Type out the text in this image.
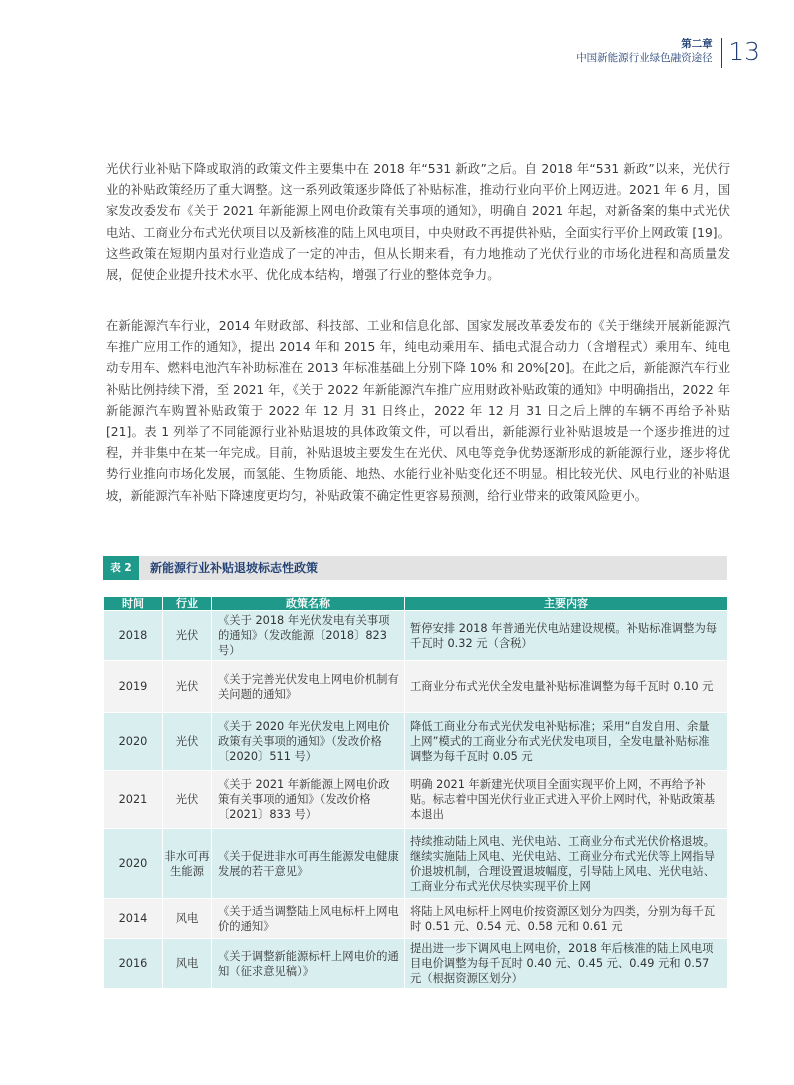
第二章
中国新能源行业绿色融资途径 13

光伏行业补贴下降或取消的政策文件主要集中在 2018 年“531 新政”之后。自 2018 年“531 新政”以来，光伏行业的补贴政策经历了重大调整。这一系列政策逐步降低了补贴标准，推动行业向平价上网迈进。2021 年 6 月，国家发改委发布《关于 2021 年新能源上网电价政策有关事项的通知》，明确自 2021 年起，对新备案的集中式光伏电站、工商业分布式光伏项目以及新核准的陆上风电项目，中央财政不再提供补贴，全面实行平价上网政策 [19]。这些政策在短期内虽对行业造成了一定的冲击，但从长期来看，有力地推动了光伏行业的市场化进程和高质量发展，促使企业提升技术水平、优化成本结构，增强了行业的整体竞争力。

在新能源汽车行业，2014 年财政部、科技部、工业和信息化部、国家发展改革委发布的《关于继续开展新能源汽车推广应用工作的通知》，提出 2014 年和 2015 年，纯电动乘用车、插电式混合动力（含增程式）乘用车、纯电动专用车、燃料电池汽车补助标准在 2013 年标准基础上分别下降 10% 和 20%[20]。在此之后，新能源汽车行业补贴比例持续下滑，至 2021 年，《关于 2022 年新能源汽车推广应用财政补贴政策的通知》中明确指出，2022 年新能源汽车购置补贴政策于 2022 年 12 月 31 日终止，2022 年 12 月 31 日之后上牌的车辆不再给予补贴 [21]。表 1 列举了不同能源行业补贴退坡的具体政策文件，可以看出，新能源行业补贴退坡是一个逐步推进的过程，并非集中在某一年完成。目前，补贴退坡主要发生在光伏、风电等竞争优势逐渐形成的新能源行业，逐步将优势行业推向市场化发展，而氢能、生物质能、地热、水能行业补贴变化还不明显。相比较光伏、风电行业的补贴退坡，新能源汽车补贴下降速度更均匀，补贴政策不确定性更容易预测，给行业带来的政策风险更小。

表 2	新能源行业补贴退坡标志性政策
时间	行业	政策名称	主要内容
2018	光伏	《关于 2018 年光伏发电有关事项的通知》（发改能源〔2018〕823 号）	暂停安排 2018 年普通光伏电站建设规模。补贴标准调整为每千瓦时 0.32 元（含税）
2019	光伏	《关于完善光伏发电上网电价机制有关问题的通知》	工商业分布式光伏全发电量补贴标准调整为每千瓦时 0.10 元
2020	光伏	《关于 2020 年光伏发电上网电价政策有关事项的通知》（发改价格〔2020〕511 号）	降低工商业分布式光伏发电补贴标准；采用“自发自用、余量上网”模式的工商业分布式光伏发电项目，全发电量补贴标准调整为每千瓦时 0.05 元
2021	光伏	《关于 2021 年新能源上网电价政策有关事项的通知》（发改价格〔2021〕833 号）	明确 2021 年新建光伏项目全面实现平价上网，不再给予补贴。标志着中国光伏行业正式进入平价上网时代，补贴政策基本退出
2020	非水可再生能源	《关于促进非水可再生能源发电健康发展的若干意见》	持续推动陆上风电、光伏电站、工商业分布式光伏价格退坡。继续实施陆上风电、光伏电站、工商业分布式光伏等上网指导价退坡机制，合理设置退坡幅度，引导陆上风电、光伏电站、工商业分布式光伏尽快实现平价上网
2014	风电	《关于适当调整陆上风电标杆上网电价的通知》	将陆上风电标杆上网电价按资源区划分为四类，分别为每千瓦时 0.51 元、0.54 元、0.58 元和 0.61 元
2016	风电	《关于调整新能源标杆上网电价的通知（征求意见稿）》	提出进一步下调风电上网电价，2018 年后核准的陆上风电项目电价调整为每千瓦时 0.40 元、0.45 元、0.49 元和 0.57 元（根据资源区划分）
